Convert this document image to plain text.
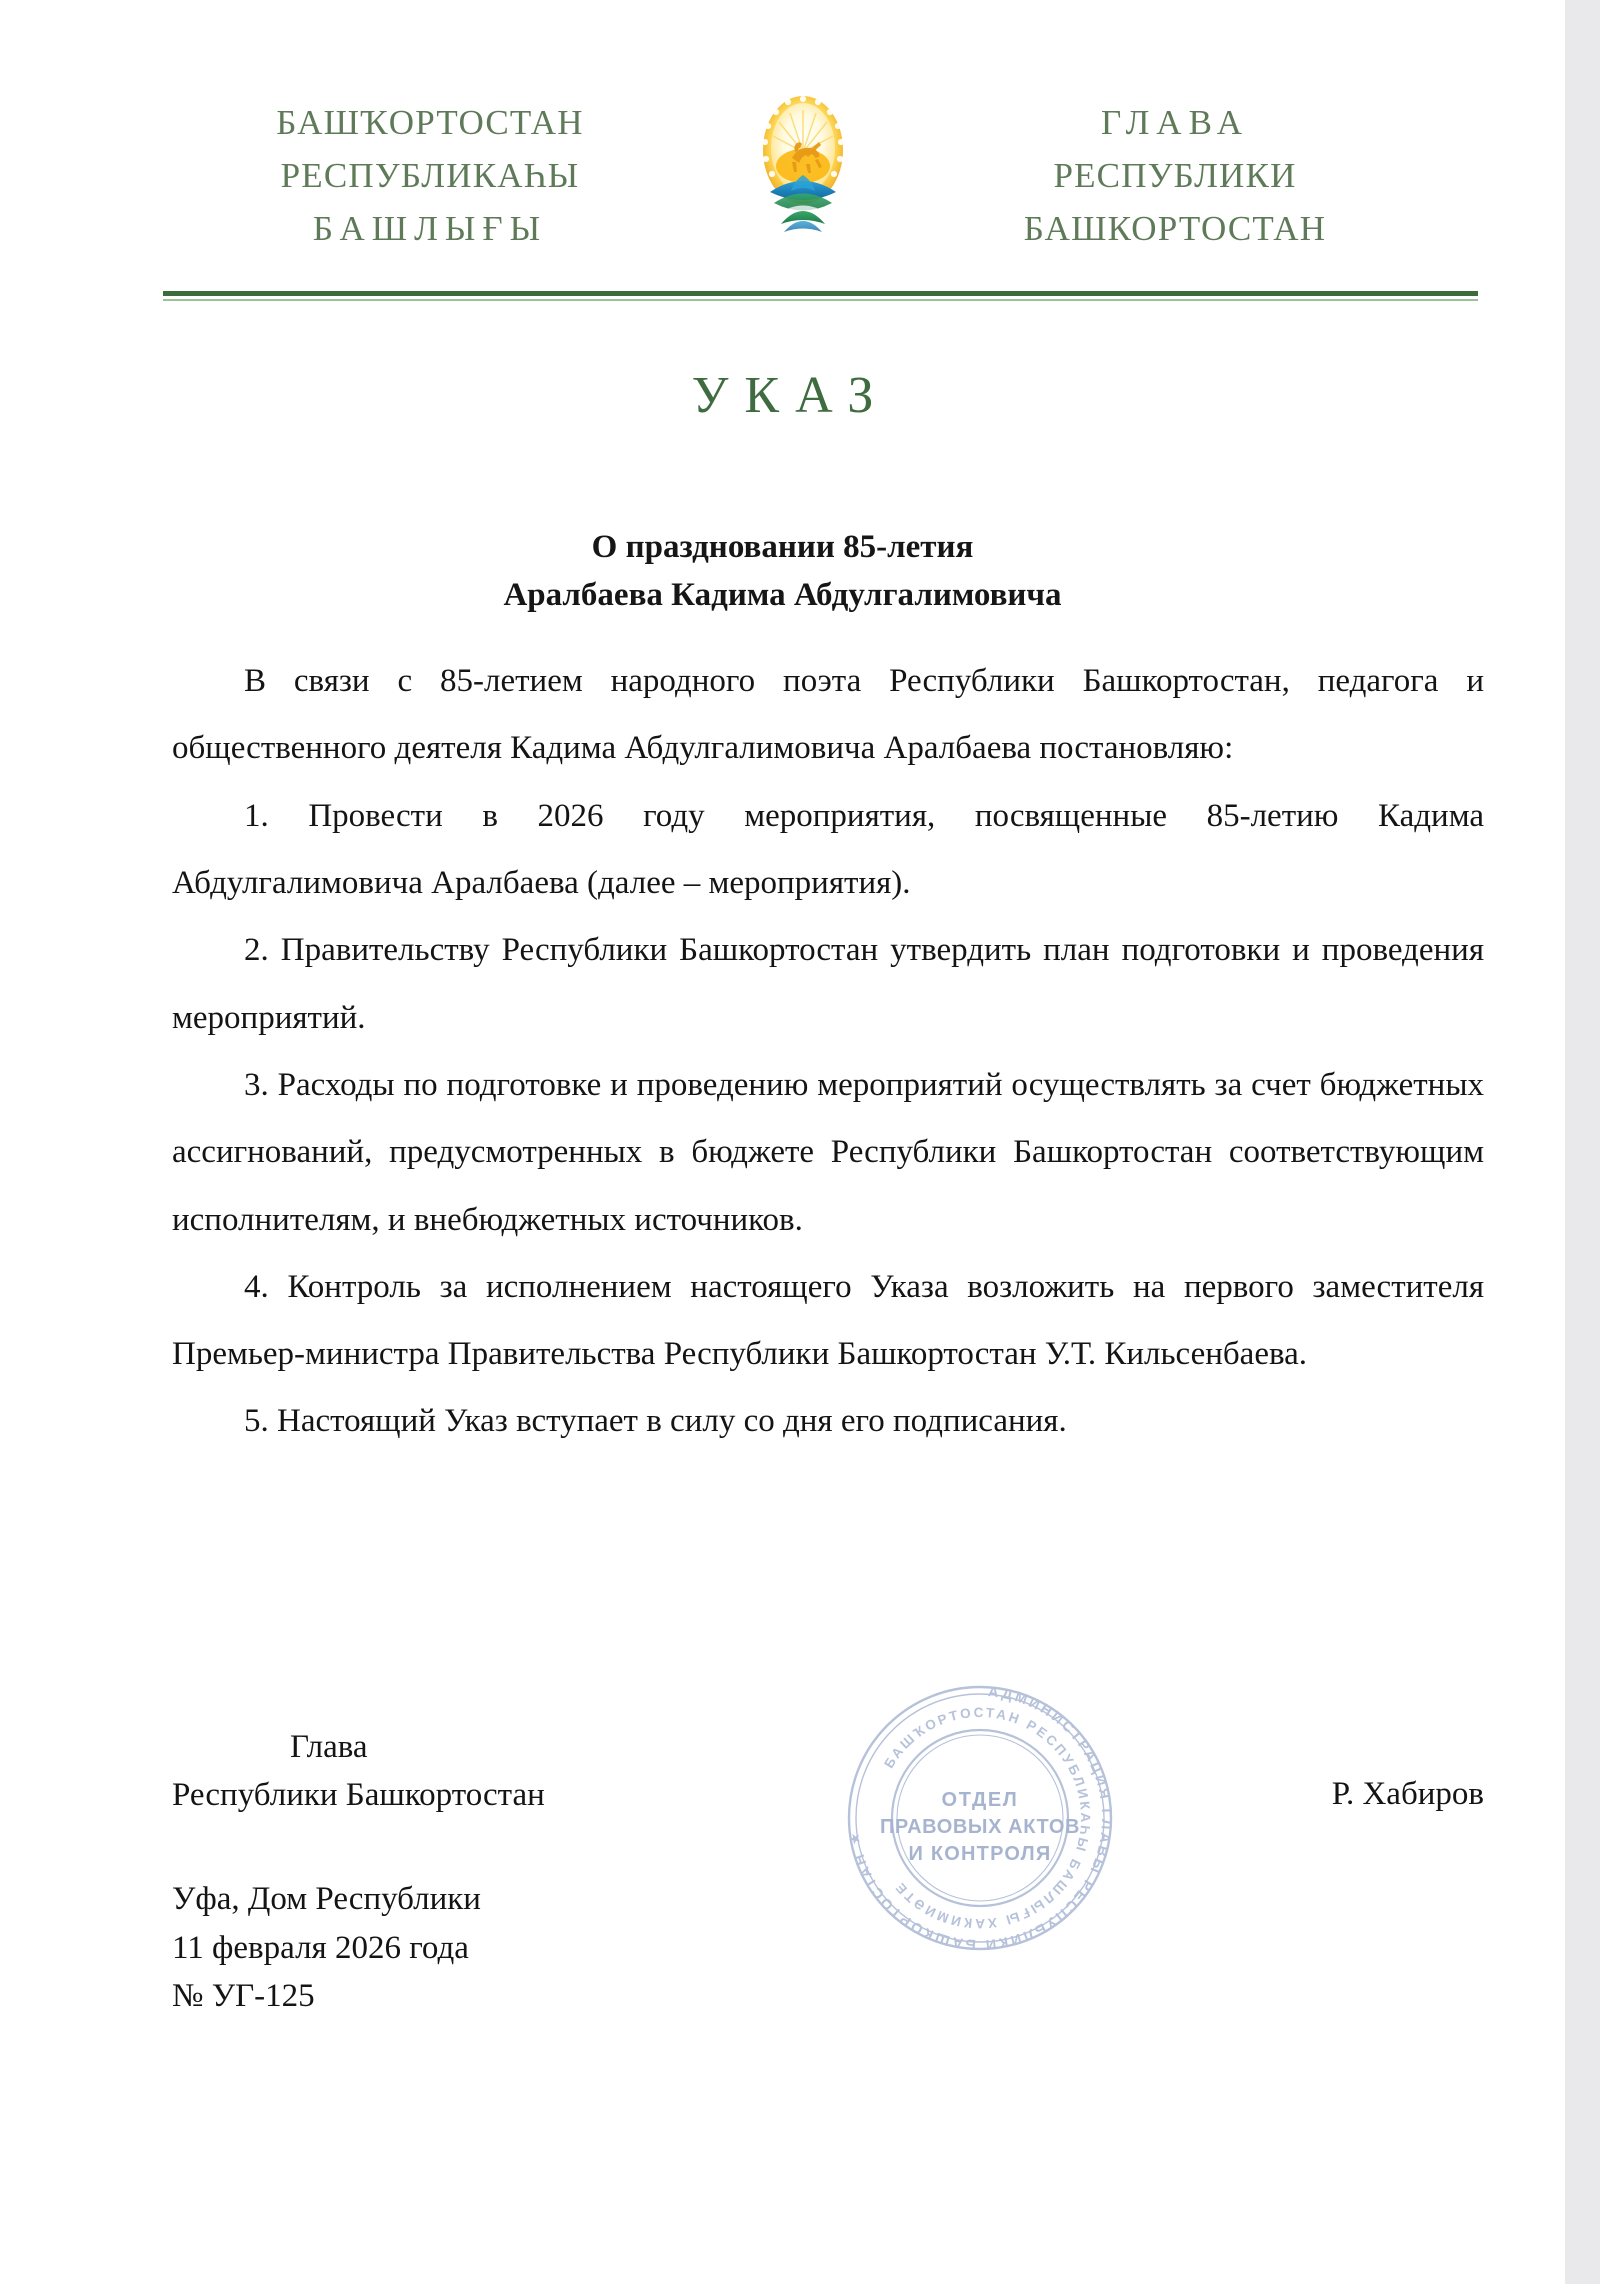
БАШҠОРТОСТАН
РЕСПУБЛИКАҺЫ
БАШЛЫҒЫ
ГЛАВА
РЕСПУБЛИКИ
БАШКОРТОСТАН
УКАЗ
О праздновании 85-летия
Аралбаева Кадима Абдулгалимовича

В связи с 85-летием народного поэта Республики Башкортостан, педагога и общественного деятеля Кадима Абдулгалимовича Аралбаева постановляю:

1. Провести в 2026 году мероприятия, посвященные 85-летию Кадима Абдулгалимовича Аралбаева (далее – мероприятия).

2. Правительству Республики Башкортостан утвердить план подготовки и проведения мероприятий.

3. Расходы по подготовке и проведению мероприятий осуществлять за счет бюджетных ассигнований, предусмотренных в бюджете Республики Башкортостан соответствующим исполнителям, и внебюджетных источников.

4. Контроль за исполнением настоящего Указа возложить на первого заместителя Премьер-министра Правительства Республики Башкортостан У.Т. Кильсенбаева.

5. Настоящий Указ вступает в силу со дня его подписания.

АДМИНИСТРАЦИЯ ГЛАВЫ РЕСПУБЛИКИ БАШКОРТОСТАН ★
БАШҠОРТОСТАН РЕСПУБЛИКАҺЫ БАШЛЫҒЫ ХАКИМИӘТЕ
ОТДЕЛ
ПРАВОВЫХ АКТОВ
И КОНТРОЛЯ
Глава
Республики Башкортостан	Р. Хабиров
Уфа, Дом Республики
11 февраля 2026 года
№ УГ-125
